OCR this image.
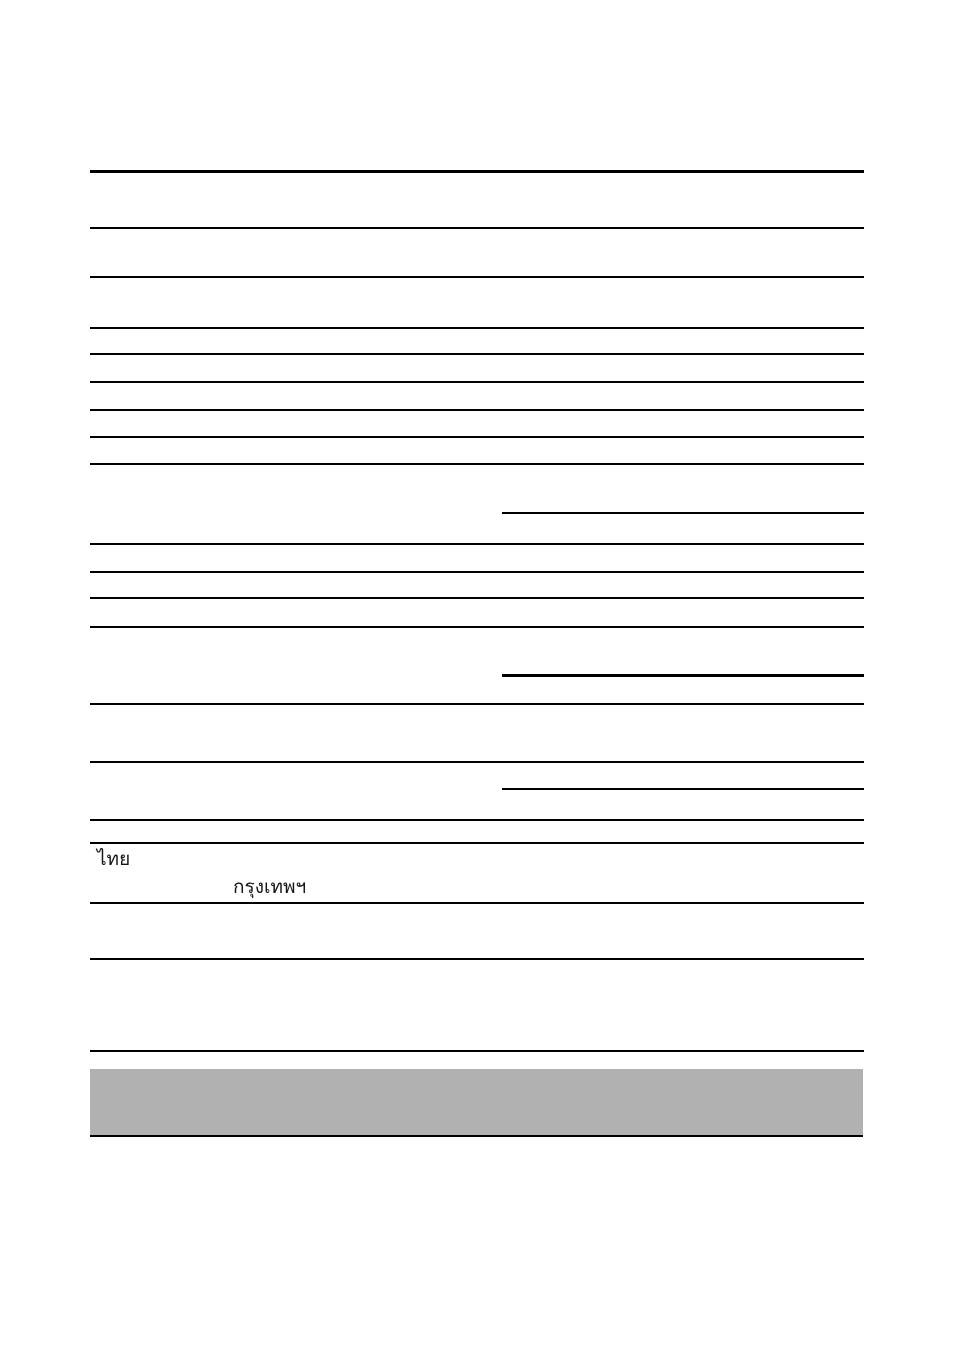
ไทย
กรุงเทพฯ
